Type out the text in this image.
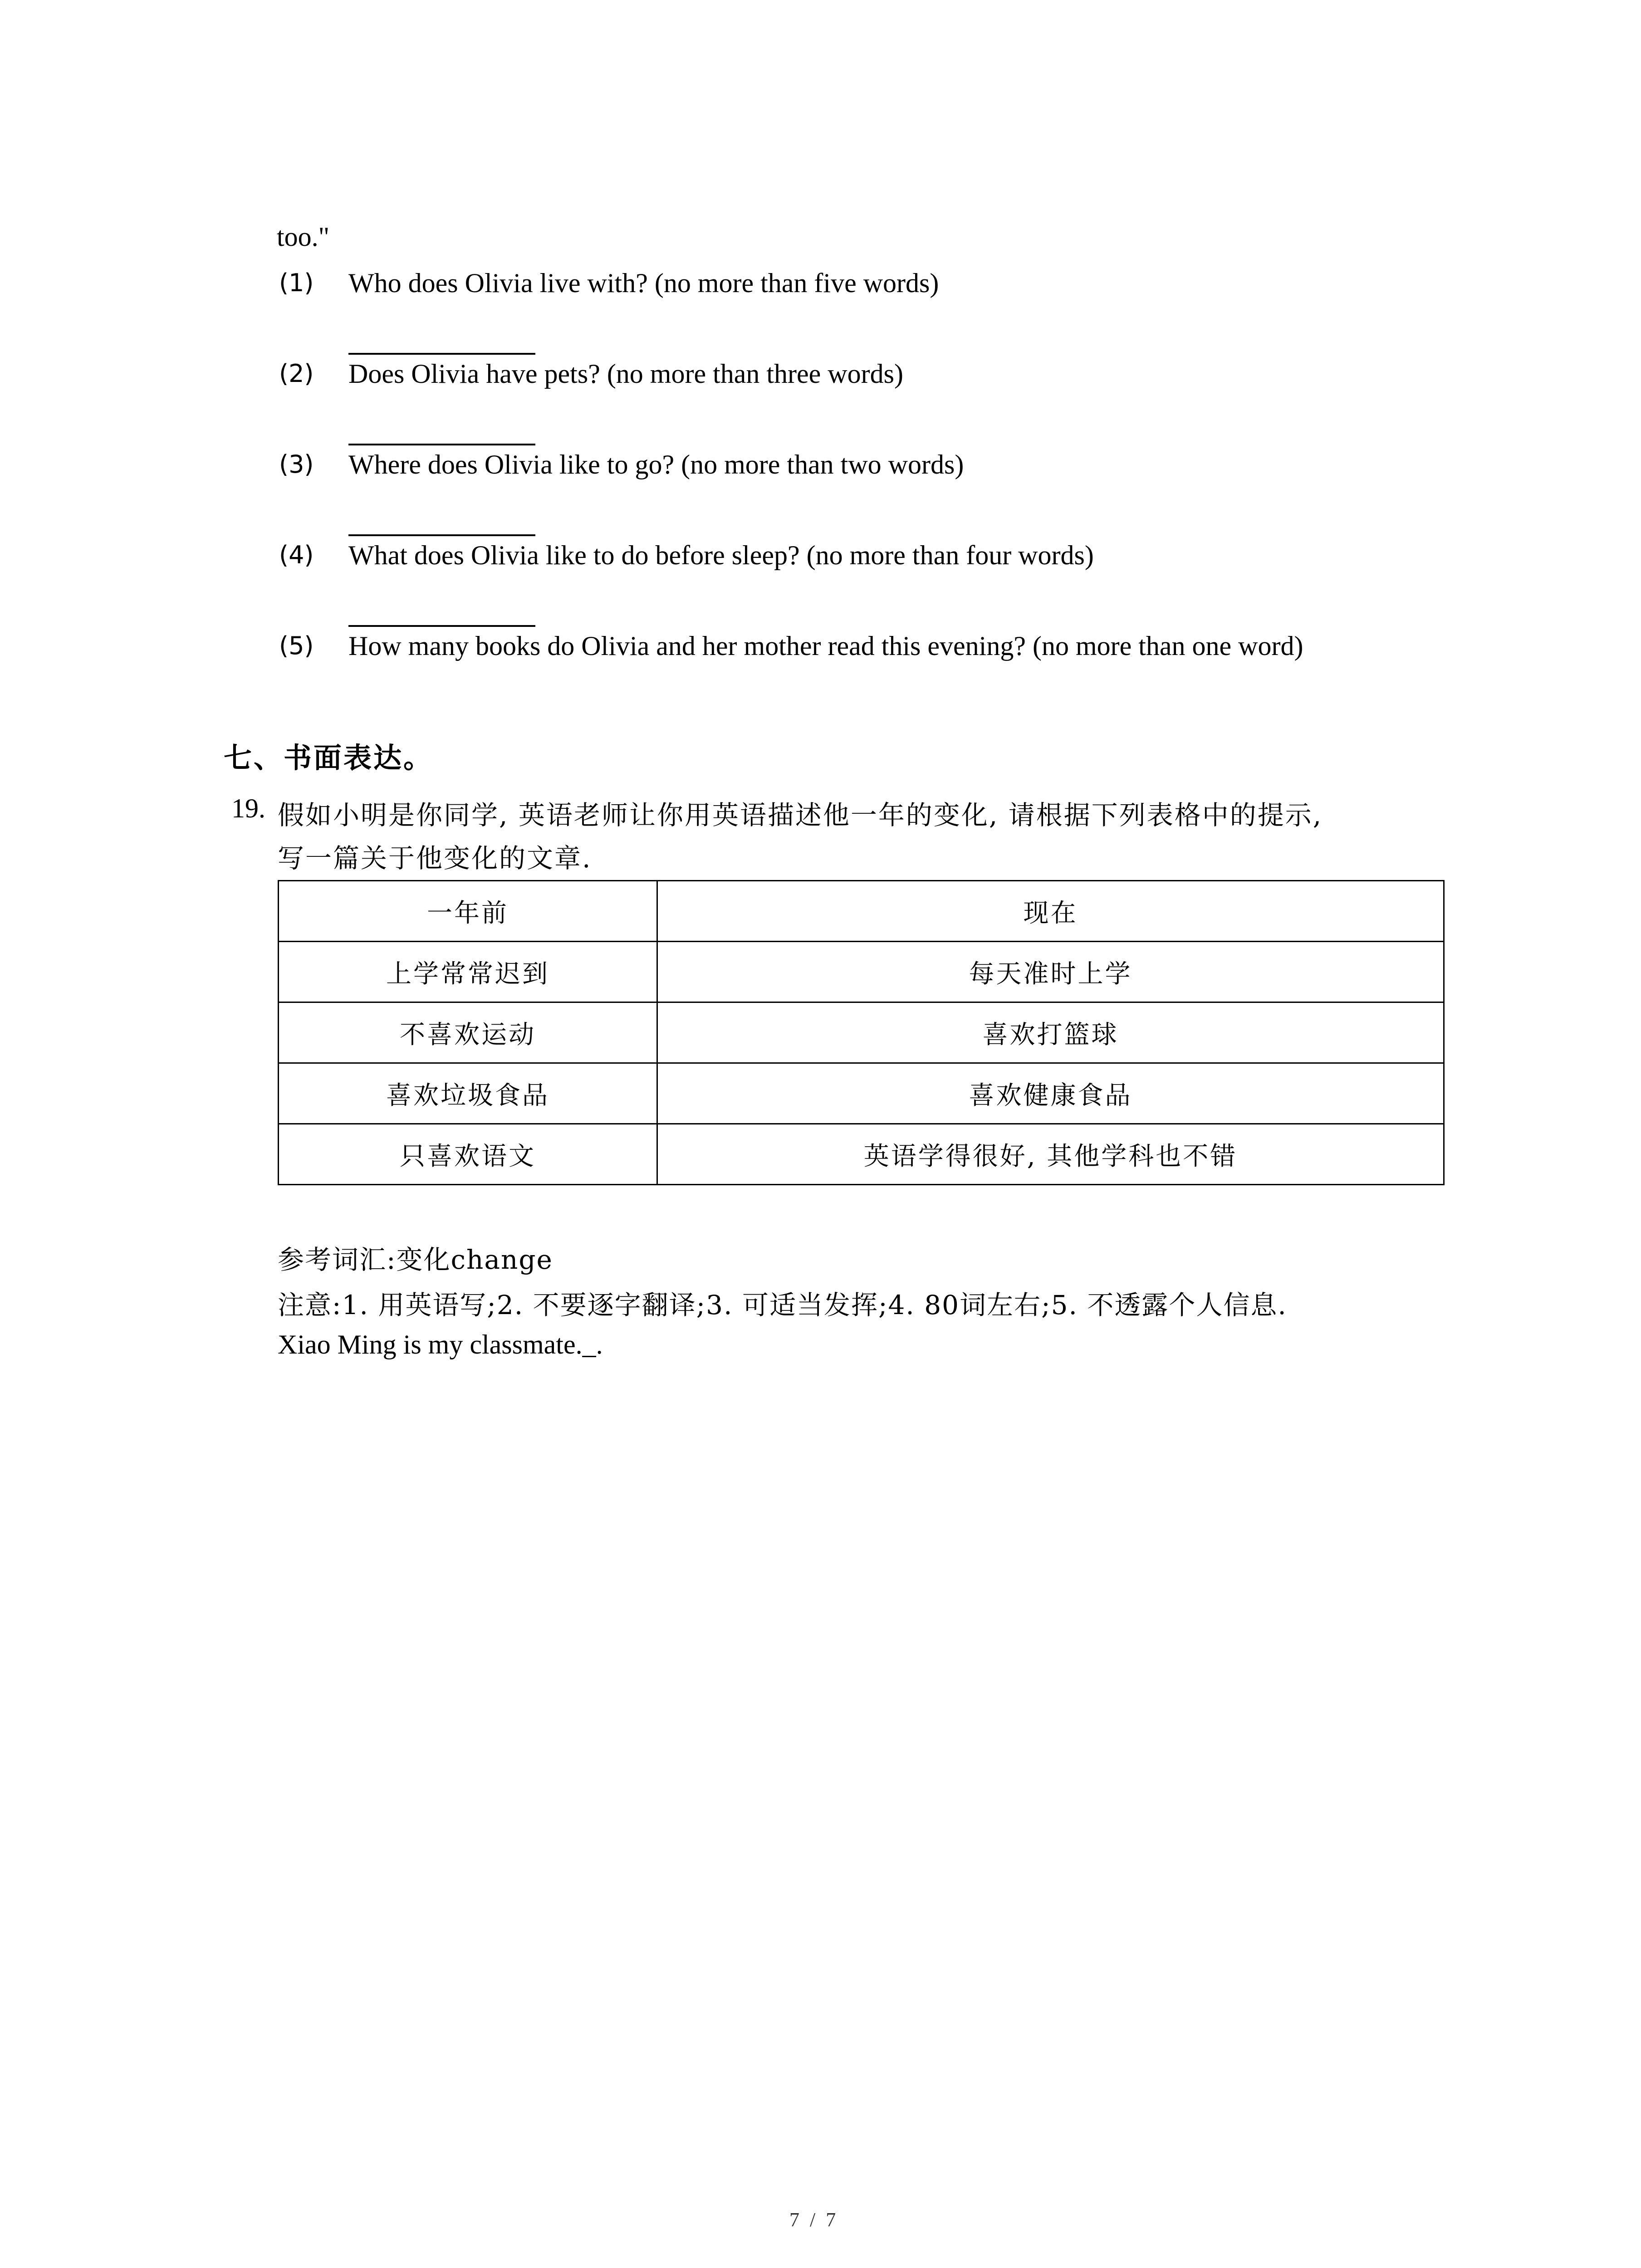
too."
(1) Who does Olivia live with? (no more than five words)
(2) Does Olivia have pets? (no more than three words)
(3) Where does Olivia like to go? (no more than two words)
(4) What does Olivia like to do before sleep? (no more than four words)
(5) How many books do Olivia and her mother read this evening? (no more than one word)
七、书面表达。
19. 假如小明是你同学, 英语老师让你用英语描述他一年的变化, 请根据下列表格中的提示,
写一篇关于他变化的文章.
一年前	现在
上学常常迟到	每天准时上学
不喜欢运动	喜欢打篮球
喜欢垃圾食品	喜欢健康食品
只喜欢语文	英语学得很好, 其他学科也不错
参考词汇:变化change
注意:1. 用英语写;2. 不要逐字翻译;3. 可适当发挥;4. 80词左右;5. 不透露个人信息.
Xiao Ming is my classmate._.
7 / 7
